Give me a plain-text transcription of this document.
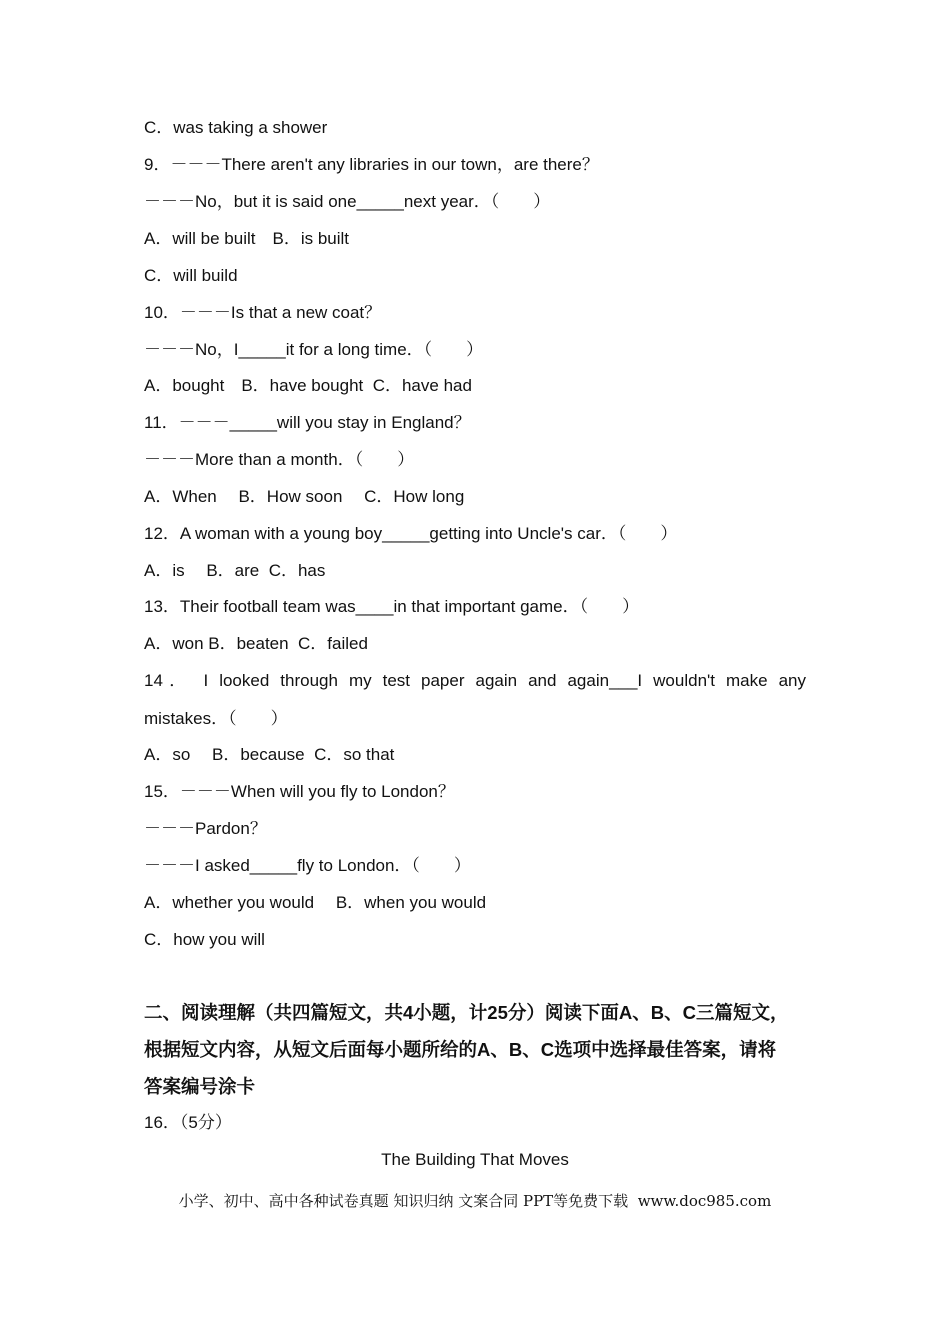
C．was taking a shower
9．－－－There aren't any libraries in our town，are there？
－－－No，but it is said one_____next year．（　　）
A．will be built　B．is built
C．will build
10．－－－Is that a new coat？
－－－No，I_____it for a long time．（　　）
A．bought　B．have bought  C．have had
11．－－－_____will you stay in England？
－－－More than a month．（　　）
A．When　 B．How soon　 C．How long
12．A woman with a young boy_____getting into Uncle's car．（　　）
A．is　 B．are  C．has
13．Their football team was____in that important game．（　　）
A．won B．beaten  C．failed
mistakes．（　　）
A．so　 B．because  C．so that
15．－－－When will you fly to London？
－－－Pardon？
－－－I asked_____fly to London．（　　）
A．whether you would　 B．when you would
C．how you will
16．（5分）
14． I looked through my test paper again and again___I wouldn't make any
二、阅读理解（共四篇短文，共4小题，计25分）阅读下面A、B、C三篇短文，
根据短文内容，从短文后面每小题所给的A、B、C选项中选择最佳答案，请将
答案编号涂卡
The Building That Moves
小学、初中、高中各种试卷真题 知识归纳 文案合同 PPT等免费下载  www.doc985.com
